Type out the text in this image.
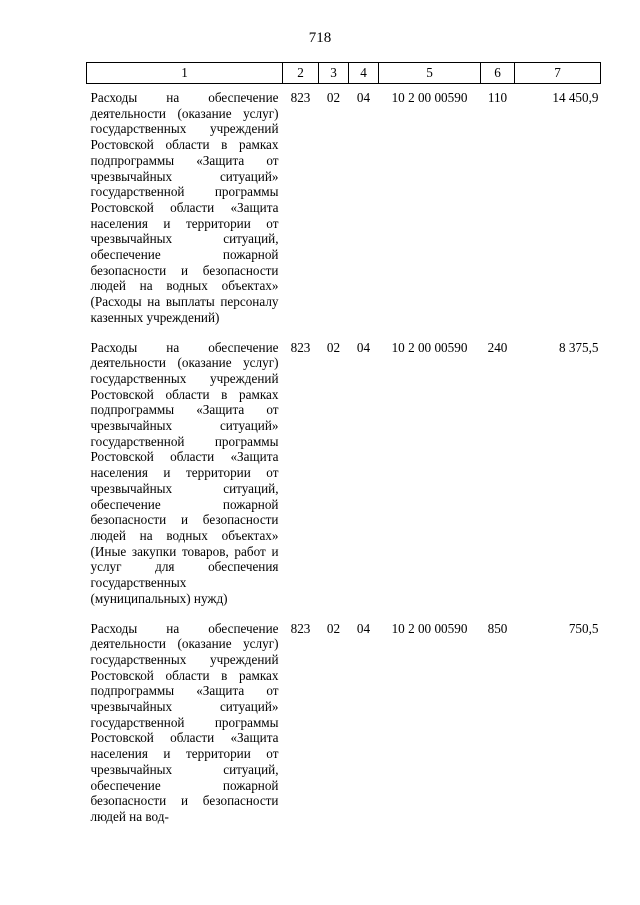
718
1	2	3	4	5	6	7

Расходы на обеспечение деятельности (оказание услуг) государственных учреждений Ростовской области в рамках подпрограммы «Защита от чрезвычайных ситуаций» государственной программы Ростовской области «Защита населения и территории от чрезвычайных ситуаций, обеспечение пожарной безопасности и безопасности людей на водных объектах» (Расходы на выплаты персоналу казенных учреждений)	823	02	04	10 2 00 00590	110	14 450,9

Расходы на обеспечение деятельности (оказание услуг) государственных учреждений Ростовской области в рамках подпрограммы «Защита от чрезвычайных ситуаций» государственной программы Ростовской области «Защита населения и территории от чрезвычайных ситуаций, обеспечение пожарной безопасности и безопасности людей на водных объектах» (Иные закупки товаров, работ и услуг для обеспечения государственных (муниципальных) нужд)	823	02	04	10 2 00 00590	240	8 375,5

Расходы на обеспечение деятельности (оказание услуг) государственных учреждений Ростовской области в рамках подпрограммы «Защита от чрезвычайных ситуаций» государственной программы Ростовской области «Защита населения и территории от чрезвычайных ситуаций, обеспечение пожарной безопасности и безопасности людей на вод-	823	02	04	10 2 00 00590	850	750,5
